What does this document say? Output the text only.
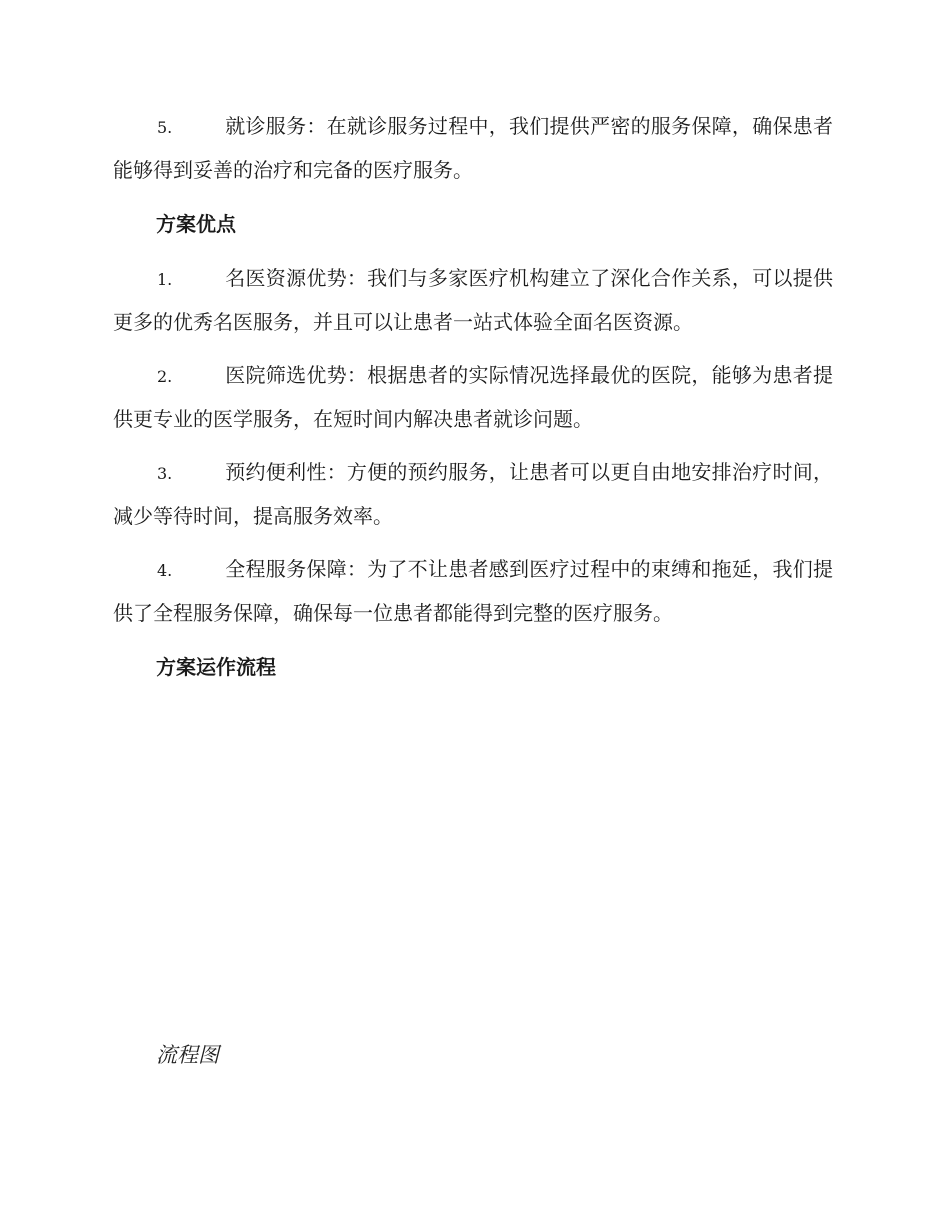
5.	就诊服务：在就诊服务过程中，我们提供严密的服务保障，确保患者能够得到妥善的治疗和完备的医疗服务。
方案优点
1.	名医资源优势：我们与多家医疗机构建立了深化合作关系，可以提供更多的优秀名医服务，并且可以让患者一站式体验全面名医资源。
2.	医院筛选优势：根据患者的实际情况选择最优的医院，能够为患者提供更专业的医学服务，在短时间内解决患者就诊问题。
3.	预约便利性：方便的预约服务，让患者可以更自由地安排治疗时间，减少等待时间，提高服务效率。
4.	全程服务保障：为了不让患者感到医疗过程中的束缚和拖延，我们提供了全程服务保障，确保每一位患者都能得到完整的医疗服务。
方案运作流程
流程图
